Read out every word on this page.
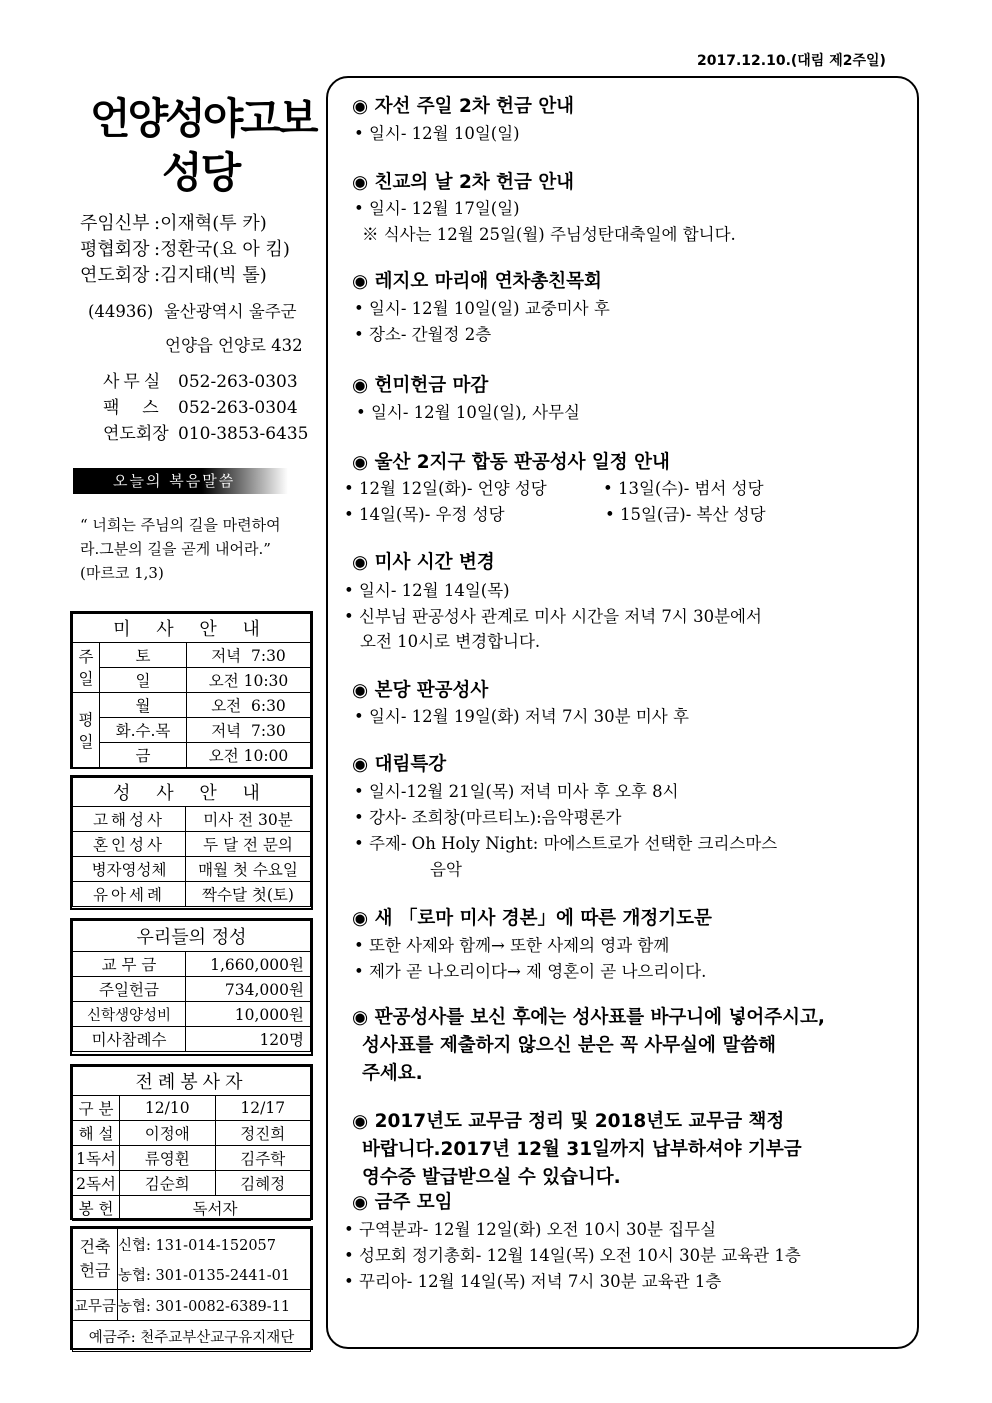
2017.12.10.(대림 제2주일)
언양성야고보
성당
주임신부 :이재혁(투 카)
평협회장 :정환국(요 아 킴)
연도회장 :김지태(빅 톨)
(44936)  울산광역시 울주군
언양읍 언양로 432
사무실 052-263-0303
팩  스 052-263-0304
연도회장 010-3853-6435
오늘의 복음말씀
“ 너희는 주님의 길을 마련하여
라.그분의 길을 곧게 내어라.”
(마르코 1,3)
미 사 안 내		
주일	토	저녁  7:30
	일	오전 10:30
평일	월	오전  6:30
	화.수.목	저녁  7:30
	금	오전 10:00
성 사 안 내	
고해성사	미사 전 30분
혼인성사	두 달 전 문의
병자영성체	매월 첫 수요일
유아세례	짝수달 첫(토)
우리들의 정성	
교 무 금	1,660,000원
주일헌금	734,000원
신학생양성비	10,000원
미사참례수	120명
전례봉사자		
구 분	12/10	12/17
해 설	이정애	정진희
1독서	류영휜	김주학
2독서	김순희	김혜정
봉 헌	독서자	
건축
헌금	신협: 131-014-152057
	농협: 301-0135-2441-01
교무금	농협: 301-0082-6389-11
예금주: 천주교부산교구유지재단	
◉ 자선 주일 2차 헌금 안내
• 일시- 12월 10일(일)
◉ 친교의 날 2차 헌금 안내
• 일시- 12월 17일(일)
※ 식사는 12월 25일(월) 주님성탄대축일에 합니다.
◉ 레지오 마리애 연차총친목회
• 일시- 12월 10일(일) 교중미사 후
• 장소- 간월정 2층
◉ 헌미헌금 마감
• 일시- 12월 10일(일), 사무실
◉ 울산 2지구 합동 판공성사 일정 안내
• 12월 12일(화)- 언양 성당	• 13일(수)- 범서 성당
• 14일(목)- 우정 성당	• 15일(금)- 복산 성당
◉ 미사 시간 변경
• 일시- 12월 14일(목)
• 신부님 판공성사 관계로 미사 시간을 저녁 7시 30분에서
오전 10시로 변경합니다.
◉ 본당 판공성사
• 일시- 12월 19일(화) 저녁 7시 30분 미사 후
◉ 대림특강
• 일시-12월 21일(목) 저녁 미사 후 오후 8시
• 강사- 조희창(마르티노):음악평론가
• 주제- Oh Holy Night: 마에스트로가 선택한 크리스마스
음악
◉ 새 「로마 미사 경본」에 따른 개정기도문
• 또한 사제와 함께→ 또한 사제의 영과 함께
• 제가 곧 나오리이다→ 제 영혼이 곧 나으리이다.
◉ 판공성사를 보신 후에는 성사표를 바구니에 넣어주시고,
성사표를 제출하지 않으신 분은 꼭 사무실에 말씀해
주세요.
◉ 2017년도 교무금 정리 및 2018년도 교무금 책정
바랍니다.2017년 12월 31일까지 납부하셔야 기부금
영수증 발급받으실 수 있습니다.
◉ 금주 모임
• 구역분과- 12월 12일(화) 오전 10시 30분 집무실
• 성모회 정기총회- 12월 14일(목) 오전 10시 30분 교육관 1층
• 꾸리아- 12월 14일(목) 저녁 7시 30분 교육관 1층
